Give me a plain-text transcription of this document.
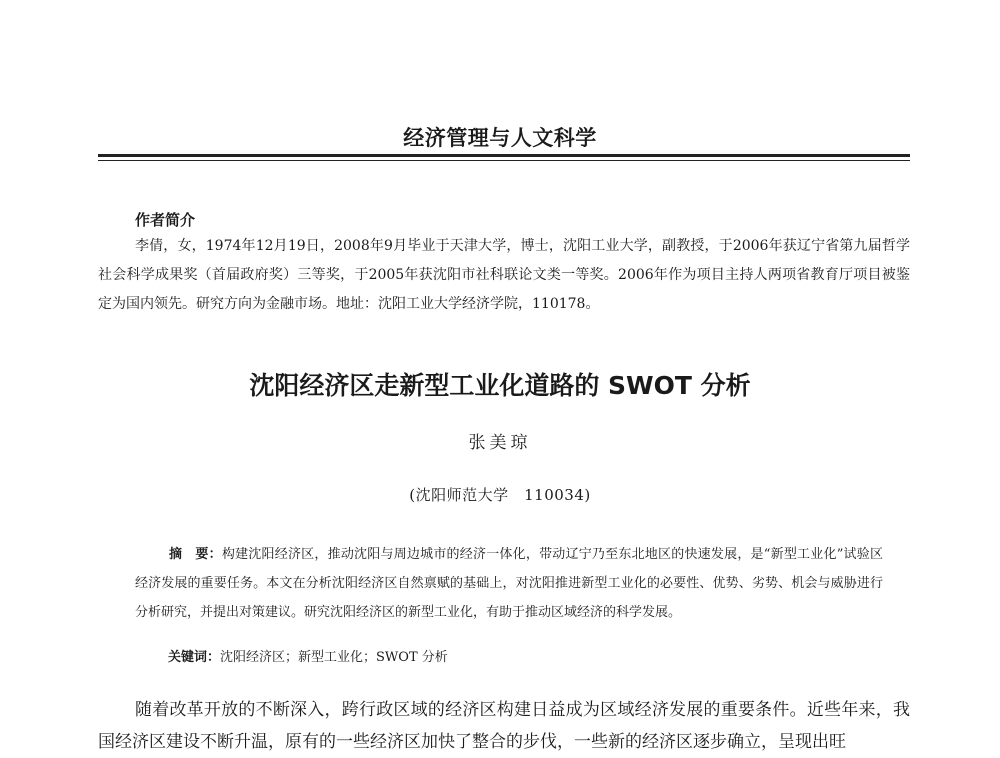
经济管理与人文科学
作者简介
李倩，女，1974年12月19日，2008年9月毕业于天津大学，博士，沈阳工业大学，副教授，于2006年获辽宁省第九届哲学社会科学成果奖（首届政府奖）三等奖，于2005年获沈阳市社科联论文类一等奖。2006年作为项目主持人两项省教育厅项目被鉴定为国内领先。研究方向为金融市场。地址：沈阳工业大学经济学院，110178。
沈阳经济区走新型工业化道路的 SWOT 分析
张美琼
(沈阳师范大学　110034)
摘　要：构建沈阳经济区，推动沈阳与周边城市的经济一体化，带动辽宁乃至东北地区的快速发展，是“新型工业化”试验区经济发展的重要任务。本文在分析沈阳经济区自然禀赋的基础上，对沈阳推进新型工业化的必要性、优势、劣势、机会与威胁进行分析研究，并提出对策建议。研究沈阳经济区的新型工业化，有助于推动区域经济的科学发展。
关键词：沈阳经济区；新型工业化；SWOT 分析
随着改革开放的不断深入，跨行政区域的经济区构建日益成为区域经济发展的重要条件。近些年来，我国经济区建设不断升温，原有的一些经济区加快了整合的步伐，一些新的经济区逐步确立，呈现出旺
